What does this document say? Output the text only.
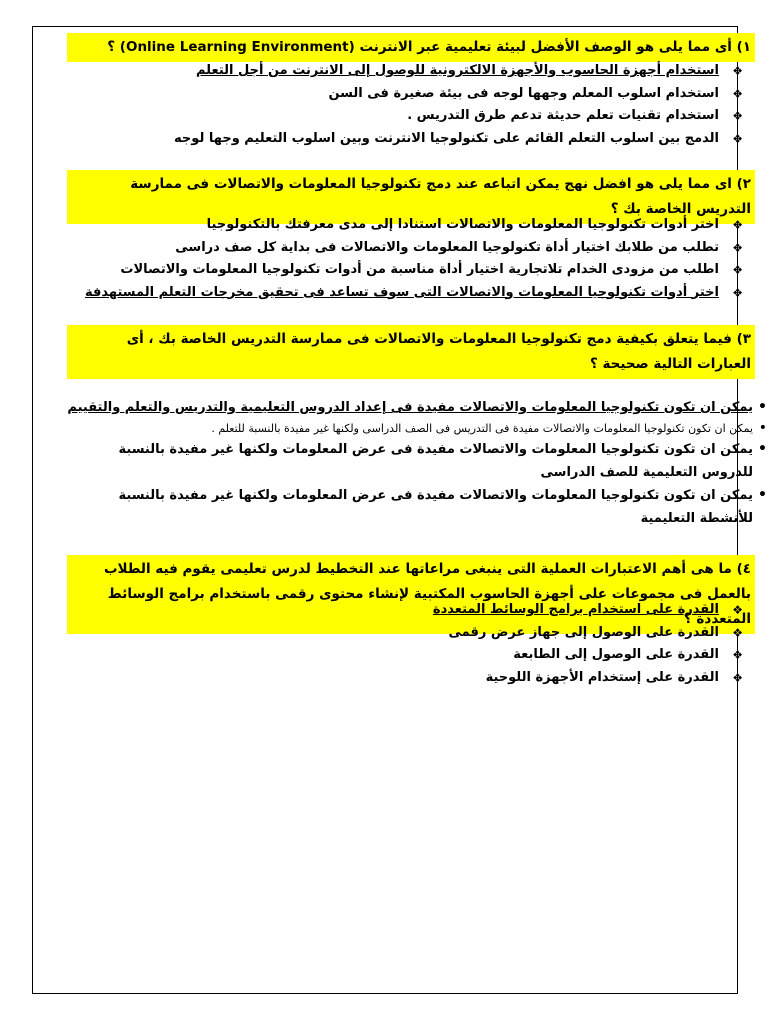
١) أى مما يلى هو الوصف الأفضل لبيئة تعليمية عبر الانترنت (Online Learning Environment) ؟
❖ استخدام أجهزة الحاسوب والأجهزة الالكترونية للوصول إلى الانترنت من أجل التعلم
❖ استخدام اسلوب المعلم وجهها لوجه فى بيئة صغيرة فى السن
❖ استخدام تقنيات تعلم حديثة تدعم طرق التدريس .
❖ الدمج بين اسلوب التعلم القائم على تكنولوجيا الانترنت وبين اسلوب التعليم وجها لوجه
٢) اى مما يلى هو افضل نهج يمكن اتباعه عند دمج تكنولوجيا المعلومات والاتصالات فى ممارسة التدريس الخاصة بك ؟
❖ اختر أدوات تكنولوجيا المعلومات والاتصالات استنادا إلى مدى معرفتك بالتكنولوجيا
❖ تطلب من طلابك اختيار أداة تكنولوجيا المعلومات والاتصالات فى بداية كل صف دراسى
❖ اطلب من مزودى الخدام تلاتجارية اختيار أداة مناسبة من أدوات تكنولوجيا المعلومات والاتصالات
❖ اختر أدوات تكنولوجيا المعلومات والاتصالات التى سوف تساعد فى تحقيق مخرجات التعلم المستهدفة
٣) فيما يتعلق بكيفية دمج تكنولوجيا المعلومات والاتصالات فى ممارسة التدريس الخاصة بك ، أى العبارات التالية صحيحة ؟
• يمكن ان تكون تكنولوجيا المعلومات والاتصالات مفيدة فى إعداد الدروس التعليمية والتدريس والتعلم والتقييم
• يمكن ان تكون تكنولوجيا المعلومات والاتصالات مفيدة فى التدريس فى الصف الدراسى ولكنها غير مفيدة بالنسبة للتعلم .
• يمكن ان تكون تكنولوجيا المعلومات والاتصالات مفيدة فى عرض المعلومات ولكنها غير مفيدة بالنسبة للدروس التعليمية للصف الدراسى
• يمكن ان تكون تكنولوجيا المعلومات والاتصالات مفيدة فى عرض المعلومات ولكنها غير مفيدة بالنسبة للأنشطة التعليمية
٤) ما هى أهم الاعتبارات العملية التى ينبغى مراعاتها عند التخطيط لدرس تعليمى يقوم فيه الطلاب بالعمل فى مجموعات على أجهزة الحاسوب المكتبية لإنشاء محتوى رقمى باستخدام برامج الوسائط المتعددة ؟
❖ القدرة على استخدام برامج الوسائط المتعددة
❖ القدرة على الوصول إلى جهاز عرض رقمى
❖ القدرة على الوصول إلى الطابعة
❖ القدرة على إستخدام الأجهزة اللوحية
